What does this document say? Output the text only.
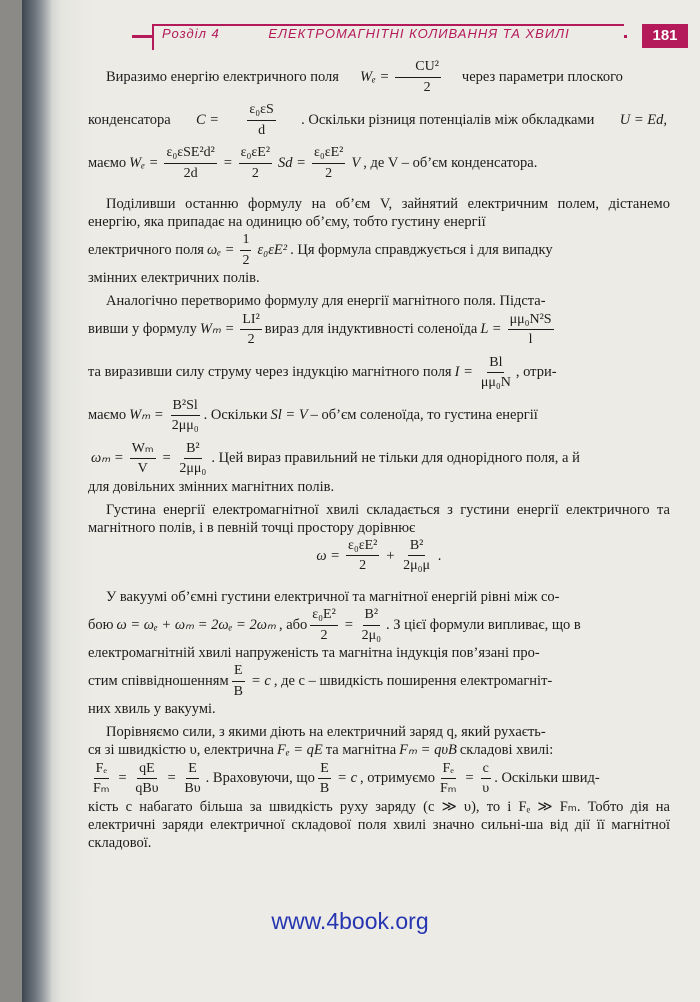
Розділ 4	ЕЛЕКТРОМАГНІТНІ КОЛИВАННЯ ТА ХВИЛІ	181
Виразимо енергію електричного поля	$W_e = \frac{\text{CU²}}{2}$	через параметри плоского
конденсатора $C = \frac{\text{ε₀εS}}{d}$ . Оскільки різниця потенціалів між обкладками U = Ed,
маємо $W_e = \frac{\text{ε₀εSE²d²}}{2d} = \frac{\text{ε₀εE²}}{2}$ $Sd = \frac{\text{ε₀εE²}}{2}$ V , де V – об’єм конденсатора.

Поділивши останню формулу на об’єм V, зайнятий електричним полем, дістанемо енергію, яка припадає на одиницю об’єму, тобто густину енергії

електричного поля $\omega_e = \frac{1}{2} \varepsilon_0\varepsilon E^2$ . Ця формула справджується і для випадку

змінних електричних полів.

Аналогічно перетворимо формулу для енергії магнітного поля. Підста-

вивши у формулу $W_m = \frac{\text{LI²}}{2}$ вираз для індуктивності соленоїда $L = \frac{\text{μμ₀N²S}}{l}$
та виразивши силу струму через індукцію магнітного поля $I = \frac{Bl}{\text{μμ₀N}}$ , отри-
маємо $W_m = \frac{\text{B²Sl}}{\text{2μμ₀}}$ . Оскільки Sl = V – об’єм соленоїда, то густина енергії
$\omega_m = \frac{\text{Wₘ}}{V} = \frac{\text{B²}}{\text{2μμ₀}}$ . Цей вираз правильний не тільки для однорідного поля, а й

для довільних змінних магнітних полів.

Густина енергії електромагнітної хвилі складається з густини енергії електричного та магнітного полів, і в певній точці простору дорівнює

$\omega = \frac{\text{ε₀εE²}}{2} + \frac{\text{B²}}{\text{2μ₀μ}}$ .

У вакуумі об’ємні густини електричної та магнітної енергій рівні між со-

бою ω = ωₑ + ωₘ = 2ωₑ = 2ωₘ , або $\frac{\text{ε₀E²}}{2} = \frac{\text{B²}}{\text{2μ₀}}$ . З цієї формули випливає, що в

електромагнітній хвилі напруженість та магнітна індукція пов’язані про-

стим співвідношенням $\frac{E}{B} = c$ , де c – швидкість поширення електромагніт-

них хвиль у вакуумі.

Порівняємо сили, з якими діють на електричний заряд q, який рухаєть-

ся зі швидкістю υ, електрична Fₑ = qE та магнітна Fₘ = qυB складові хвилі:
$\frac{\text{Fₑ}}{\text{Fₘ}} = \frac{qE}{\text{qBυ}} = \frac{E}{B\upsilon}$ . Враховуючи, що $\frac{E}{B} = c$ , отримуємо $\frac{\text{Fₑ}}{\text{Fₘ}} = \frac{c}{\upsilon}$ . Оскільки швид-

кість c набагато більша за швидкість руху заряду (c ≫ υ), то і Fₑ ≫ Fₘ. Тобто дія на електричні заряди електричної складової поля хвилі значно сильні-ша від дії її магнітної складової.

www.4book.org
